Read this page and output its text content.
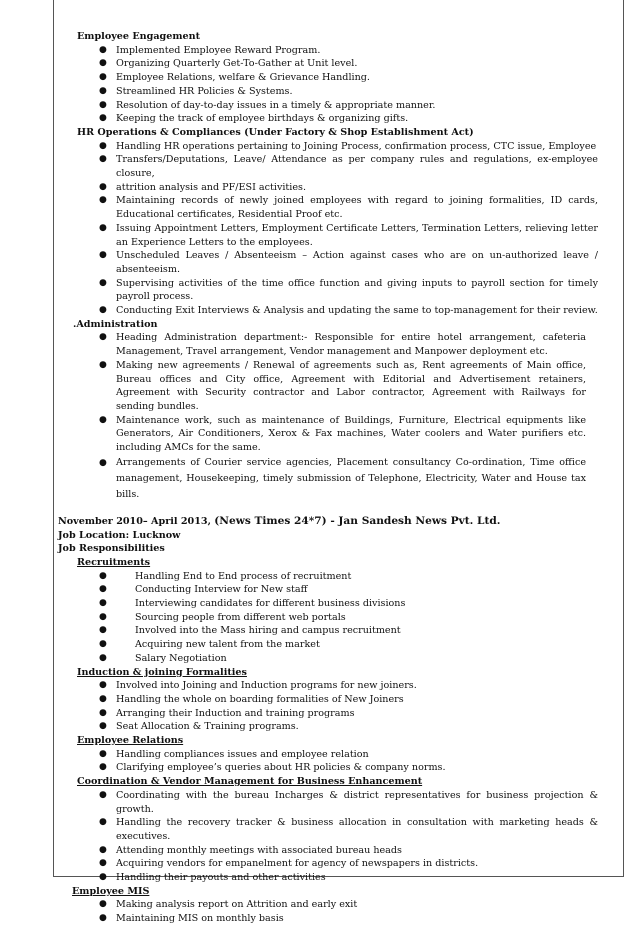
Employee Engagement
● Implemented Employee Reward Program.
● Organizing Quarterly Get-To-Gather at Unit level.
● Employee Relations, welfare & Grievance Handling.
● Streamlined HR Policies & Systems.
● Resolution of day-to-day issues in a timely & appropriate manner.
● Keeping the track of employee birthdays & organizing gifts.
HR Operations & Compliances (Under Factory & Shop Establishment Act)
● Handling HR operations pertaining to Joining Process, confirmation process, CTC issue, Employee
● Transfers/Deputations, Leave/ Attendance as per company rules and regulations, ex-employee closure,
● attrition analysis and PF/ESI activities.
● Maintaining records of newly joined employees with regard to joining formalities, ID cards, Educational certificates, Residential Proof etc.
● Issuing Appointment Letters, Employment Certificate Letters, Termination Letters, relieving letter an Experience Letters to the employees.
● Unscheduled Leaves / Absenteeism – Action against cases who are on un-authorized leave / absenteeism.
● Supervising activities of the time office function and giving inputs to payroll section for timely payroll process.
● Conducting Exit Interviews & Analysis and updating the same to top-management for their review.
.Administration
● Heading Administration department:- Responsible for entire hotel arrangement, cafeteria Management, Travel arrangement, Vendor management and Manpower deployment etc.
● Making new agreements / Renewal of agreements such as, Rent agreements of Main office, Bureau offices and City office, Agreement with Editorial and Advertisement retainers, Agreement with Security contractor and Labor contractor, Agreement with Railways for sending bundles.
● Maintenance work, such as maintenance of Buildings, Furniture, Electrical equipments like Generators, Air Conditioners, Xerox & Fax machines, Water coolers and Water purifiers etc. including AMCs for the same.
● Arrangements of Courier service agencies, Placement consultancy Co-ordination, Time office management, Housekeeping, timely submission of Telephone, Electricity, Water and House tax bills.
November 2010– April 2013, (News Times 24*7) - Jan Sandesh News Pvt. Ltd.
Job Location: Lucknow
Job Responsibilities
Recruitments
●	Handling End to End process of recruitment
●	Conducting Interview for New staff
●	Interviewing candidates for different business divisions
●	Sourcing people from different web portals
●	Involved into the Mass hiring and campus recruitment
●	Acquiring new talent from the market
●	Salary Negotiation
Induction & joining Formalities
● Involved into Joining and Induction programs for new joiners.
● Handling the whole on boarding formalities of New Joiners
● Arranging their Induction and training programs
● Seat Allocation & Training programs.
Employee Relations
● Handling compliances issues and employee relation
● Clarifying employee’s queries about HR policies & company norms.
Coordination & Vendor Management for Business Enhancement
● Coordinating with the bureau Incharges & district representatives for business projection & growth.
● Handling the recovery tracker & business allocation in consultation with marketing heads & executives.
● Attending monthly meetings with associated bureau heads
● Acquiring vendors for empanelment for agency of newspapers in districts.
● Handling their payouts and other activities
Employee MIS
● Making analysis report on Attrition and early exit
● Maintaining MIS on monthly basis
